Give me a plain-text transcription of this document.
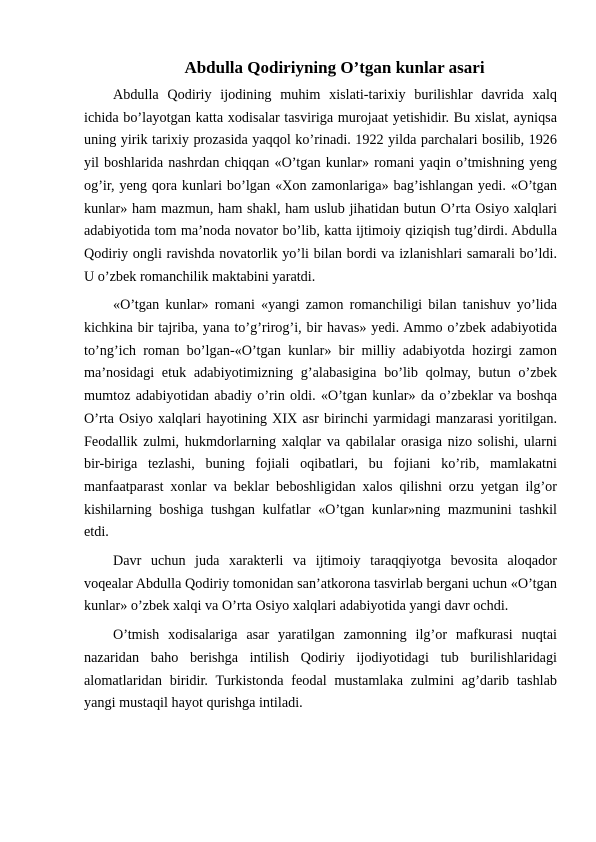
Abdulla Qodiriyning O’tgan kunlar asari

Abdulla Qodiriy ijodining muhim xislati-tarixiy burilishlar davrida xalq ichida bo’layotgan katta xodisalar tasviriga murojaat yetishidir. Bu xislat, ayniqsa uning yirik tarixiy prozasida yaqqol ko’rinadi. 1922 yilda parchalari bosilib, 1926 yil boshlarida nashrdan chiqqan «O’tgan kunlar» romani yaqin o’tmishning yeng og’ir, yeng qora kunlari bo’lgan «Xon zamonlariga» bag’ishlangan yedi. «O’tgan kunlar» ham mazmun, ham shakl, ham uslub jihatidan butun O’rta Osiyo xalqlari adabiyotida tom ma’noda novator bo’lib, katta ijtimoiy qiziqish tug’dirdi. Abdulla Qodiriy ongli ravishda novatorlik yo’li bilan bordi va izlanishlari samarali bo’ldi. U o’zbek romanchilik maktabini yaratdi.

«O’tgan kunlar» romani «yangi zamon romanchiligi bilan tanishuv yo’lida kichkina bir tajriba, yana to’g’rirog’i, bir havas» yedi. Ammo o’zbek adabiyotida to’ng’ich roman bo’lgan-«O’tgan kunlar» bir milliy adabiyotda hozirgi zamon ma’nosidagi etuk adabiyotimizning g’alabasigina bo’lib qolmay, butun o’zbek mumtoz adabiyotidan abadiy o’rin oldi. «O’tgan kunlar» da o’zbeklar va boshqa O’rta Osiyo xalqlari hayotining XIX asr birinchi yarmidagi manzarasi yoritilgan. Feodallik zulmi, hukmdorlarning xalqlar va qabilalar orasiga nizo solishi, ularni bir-biriga tezlashi, buning fojiali oqibatlari, bu fojiani ko’rib, mamlakatni manfaatparast xonlar va beklar beboshligidan xalos qilishni orzu yetgan ilg’or kishilarning boshiga tushgan kulfatlar «O’tgan kunlar»ning mazmunini tashkil etdi.

Davr uchun juda xarakterli va ijtimoiy taraqqiyotga bevosita aloqador voqealar Abdulla Qodiriy tomonidan san’atkorona tasvirlab bergani uchun «O’tgan kunlar» o’zbek xalqi va O’rta Osiyo xalqlari adabiyotida yangi davr ochdi.

O’tmish xodisalariga asar yaratilgan zamonning ilg’or mafkurasi nuqtai nazaridan baho berishga intilish Qodiriy ijodiyotidagi tub burilishlaridagi alomatlaridan biridir. Turkistonda feodal mustamlaka zulmini ag’darib tashlab yangi mustaqil hayot qurishga intiladi.
